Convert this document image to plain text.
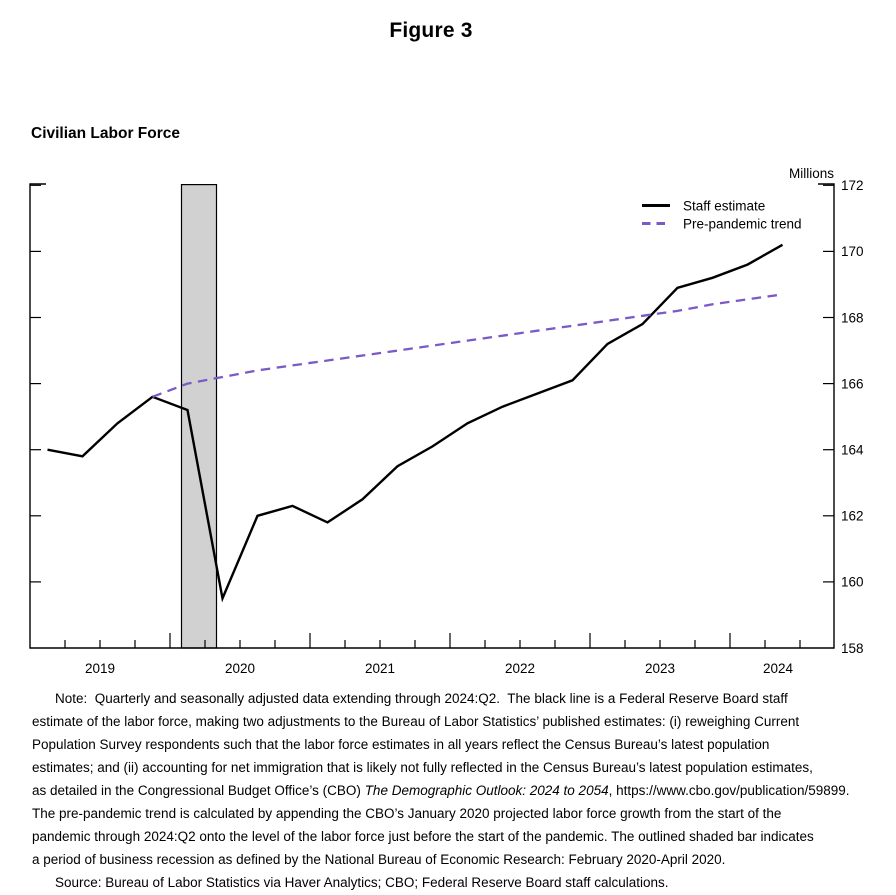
Figure 3
Civilian Labor Force
158
160
162
164
166
168
170
172
2019	2020	2021	2022	2023	2024
Millions
Staff estimate
Pre-pandemic trend
Note:  Quarterly and seasonally adjusted data extending through 2024:Q2.  The black line is a Federal Reserve Board staff
estimate of the labor force, making two adjustments to the Bureau of Labor Statistics’ published estimates: (i) reweighing Current
Population Survey respondents such that the labor force estimates in all years reflect the Census Bureau’s latest population
estimates; and (ii) accounting for net immigration that is likely not fully reflected in the Census Bureau’s latest population estimates,
as detailed in the Congressional Budget Office’s (CBO) The Demographic Outlook: 2024 to 2054, https://www.cbo.gov/publication/59899.
The pre-pandemic trend is calculated by appending the CBO’s January 2020 projected labor force growth from the start of the
pandemic through 2024:Q2 onto the level of the labor force just before the start of the pandemic. The outlined shaded bar indicates
a period of business recession as defined by the National Bureau of Economic Research: February 2020-April 2020.
Source: Bureau of Labor Statistics via Haver Analytics; CBO; Federal Reserve Board staff calculations.
